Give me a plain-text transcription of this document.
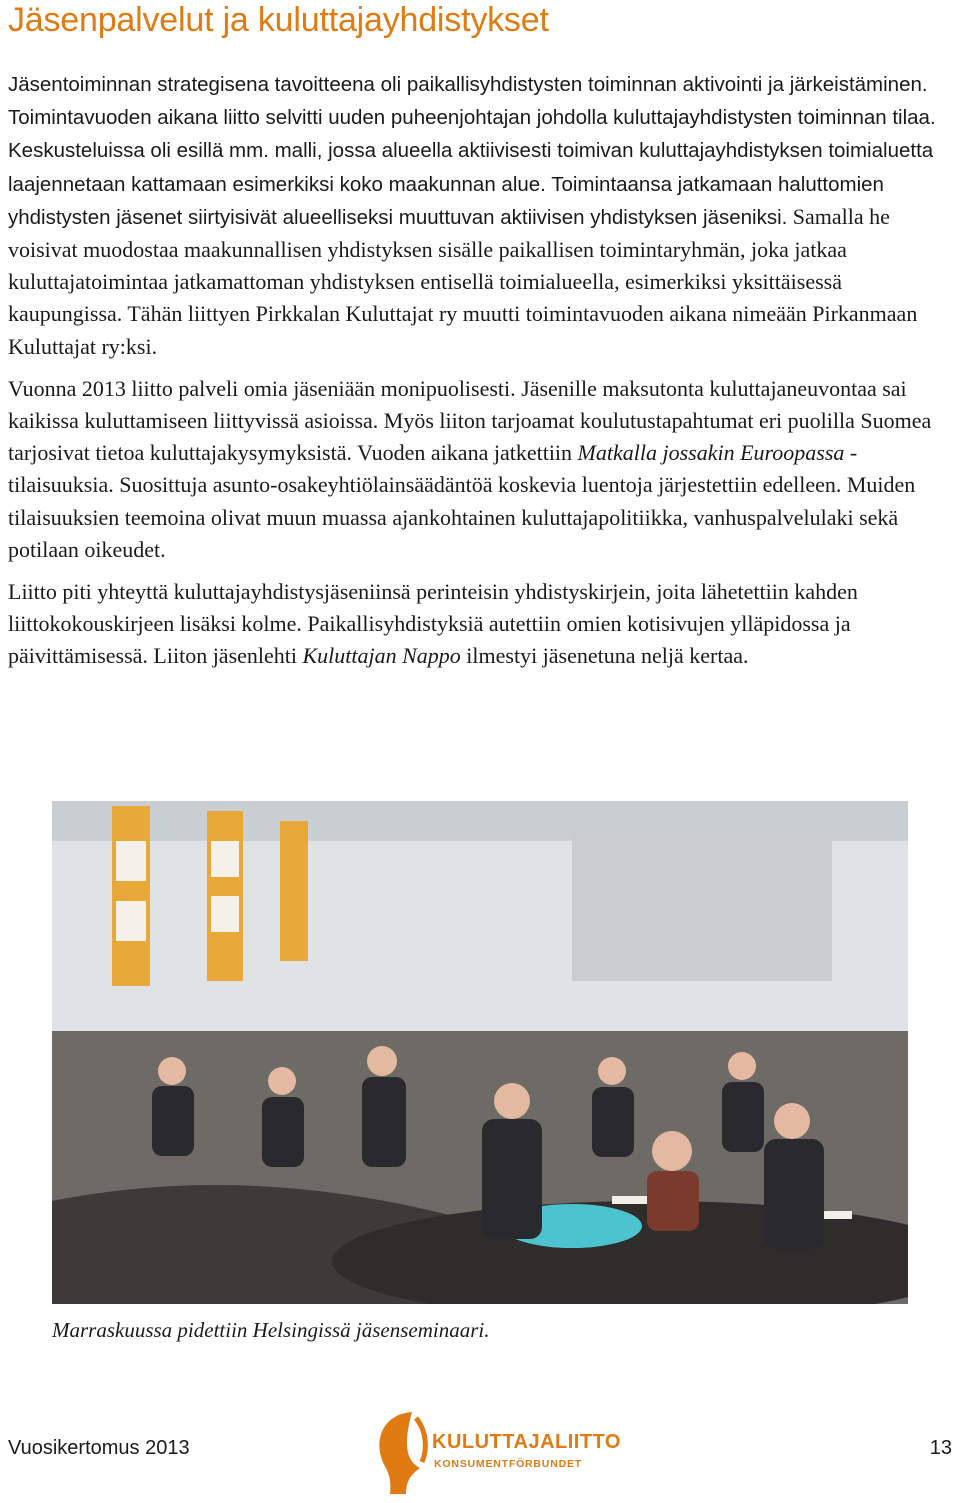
Jäsenpalvelut ja kuluttajayhdistykset

Jäsentoiminnan strategisena tavoitteena oli paikallisyhdistysten toiminnan aktivointi ja järkeistäminen. Toimintavuoden aikana liitto selvitti uuden puheenjohtajan johdolla kuluttajayhdistysten toiminnan tilaa. Keskusteluissa oli esillä mm. malli, jossa alueella aktiivisesti toimivan kuluttajayhdistyksen toimialuetta laajennetaan kattamaan esimerkiksi koko maakunnan alue. Toimintaansa jatkamaan haluttomien yhdistysten jäsenet siirtyisivät alueelliseksi muuttuvan aktiivisen yhdistyksen jäseniksi. Samalla he voisivat muodostaa maakunnallisen yhdistyksen sisälle paikallisen toimintaryhmän, joka jatkaa kuluttajatoimintaa jatkamattoman yhdistyksen entisellä toimialueella, esimerkiksi yksittäisessä kaupungissa. Tähän liittyen Pirkkalan Kuluttajat ry muutti toimintavuoden aikana nimeään Pirkanmaan Kuluttajat ry:ksi.

Vuonna 2013 liitto palveli omia jäseniään monipuolisesti. Jäsenille maksutonta kuluttajaneuvontaa sai kaikissa kuluttamiseen liittyvissä asioissa. Myös liiton tarjoamat koulutustapahtumat eri puolilla Suomea tarjosivat tietoa kuluttajakysymyksistä. Vuoden aikana jatkettiin Matkalla jossakin Euroopassa -tilaisuuksia. Suosittuja asunto-osakeyhtiölainsäädäntöä koskevia luentoja järjestettiin edelleen. Muiden tilaisuuksien teemoina olivat muun muassa ajankohtainen kuluttajapolitiikka, vanhuspalvelulaki sekä potilaan oikeudet.

Liitto piti yhteyttä kuluttajayhdistysjäseniinsä perinteisin yhdistyskirjein, joita lähetettiin kahden liittokokouskirjeen lisäksi kolme. Paikallisyhdistyksiä autettiin omien kotisivujen ylläpidossa ja päivittämisessä. Liiton jäsenlehti Kuluttajan Nappo ilmestyi jäsenetuna neljä kertaa.

Marraskuussa pidettiin Helsingissä jäsenseminaari.

Vuosikertomus 2013	KULUTTAJALIITTO
KONSUMENTFÖRBUNDET
13
